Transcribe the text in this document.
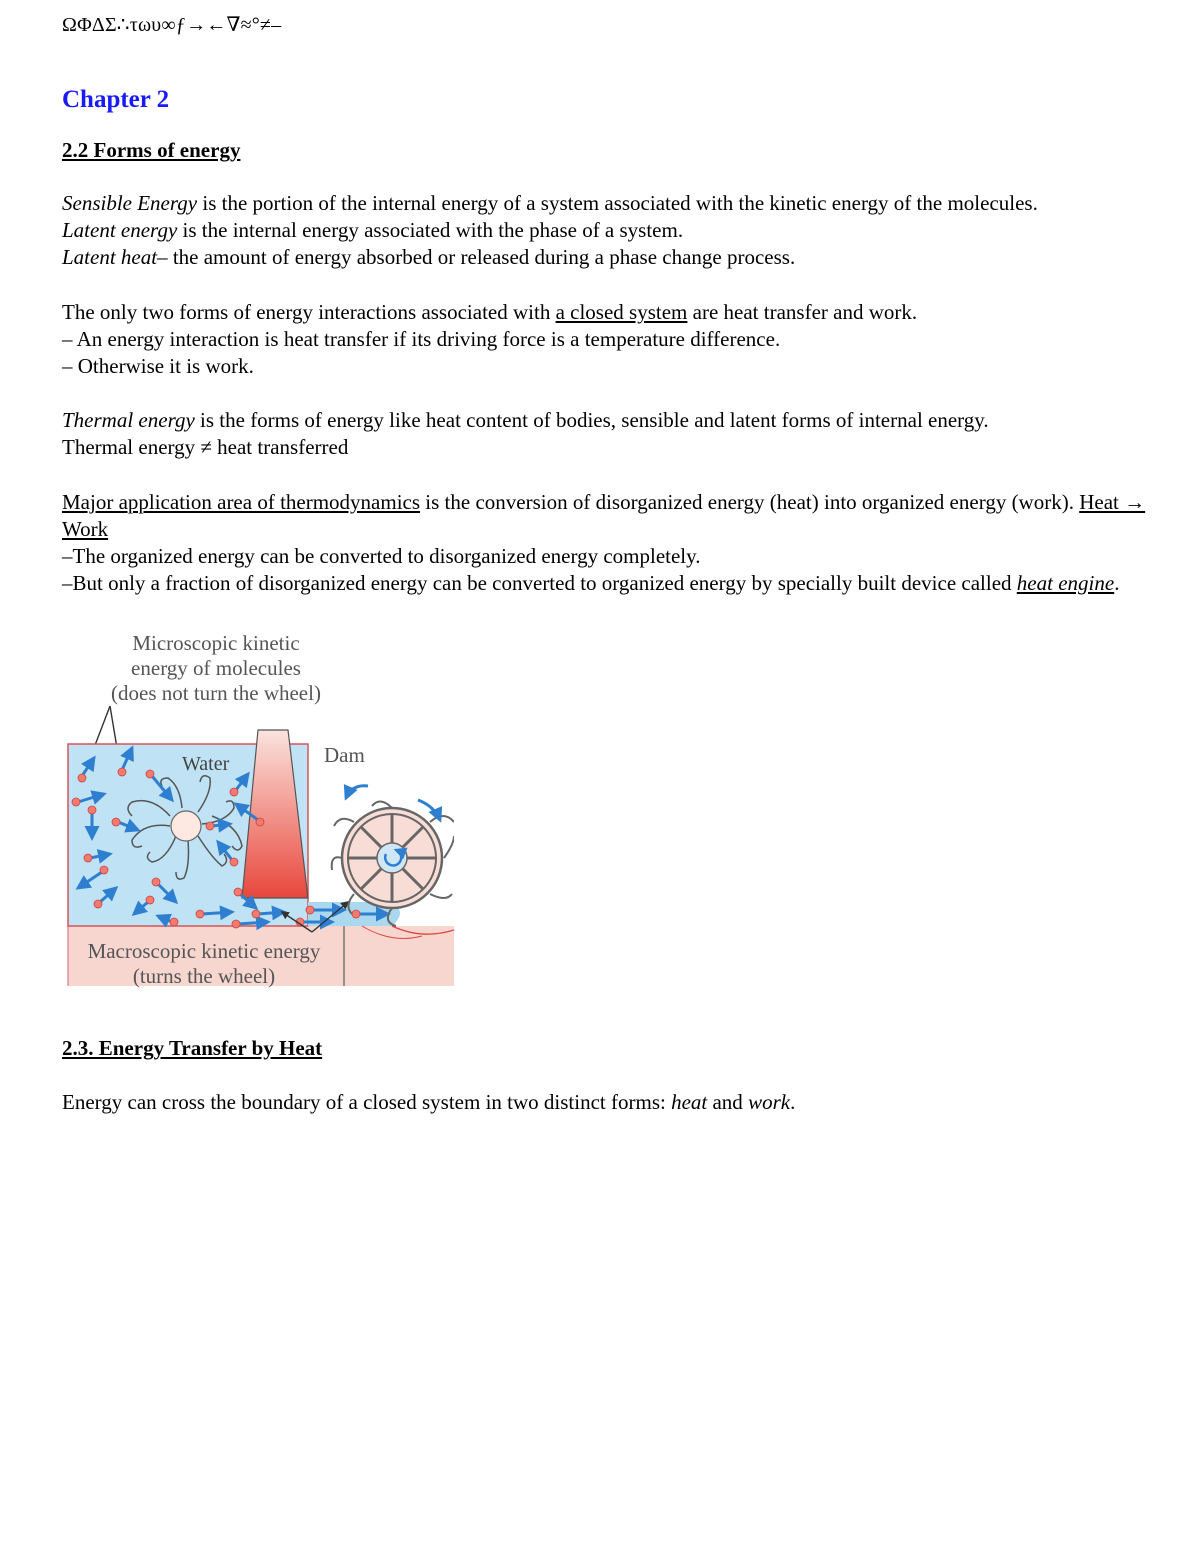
ΩΦΔΣ∴τωυ∞ƒ→←∇≈°≠–
Chapter 2
2.2 Forms of energy
Sensible Energy is the portion of the internal energy of a system associated with the kinetic energy of the molecules.
Latent energy is the internal energy associated with the phase of a system.
Latent heat– the amount of energy absorbed or released during a phase change process.
The only two forms of energy interactions associated with a closed system are heat transfer and work.
– An energy interaction is heat transfer if its driving force is a temperature difference.
– Otherwise it is work.
Thermal energy is the forms of energy like heat content of bodies, sensible and latent forms of internal energy.
Thermal energy ≠ heat transferred
Major application area of thermodynamics is the conversion of disorganized energy (heat) into organized energy (work). Heat → Work
–The organized energy can be converted to disorganized energy completely.
–But only a fraction of disorganized energy can be converted to organized energy by specially built device called heat engine.
Microscopic kinetic
energy of molecules
(does not turn the wheel)
Dam
Water
Macroscopic kinetic energy
(turns the wheel)
2.3. Energy Transfer by Heat
Energy can cross the boundary of a closed system in two distinct forms: heat and work.
